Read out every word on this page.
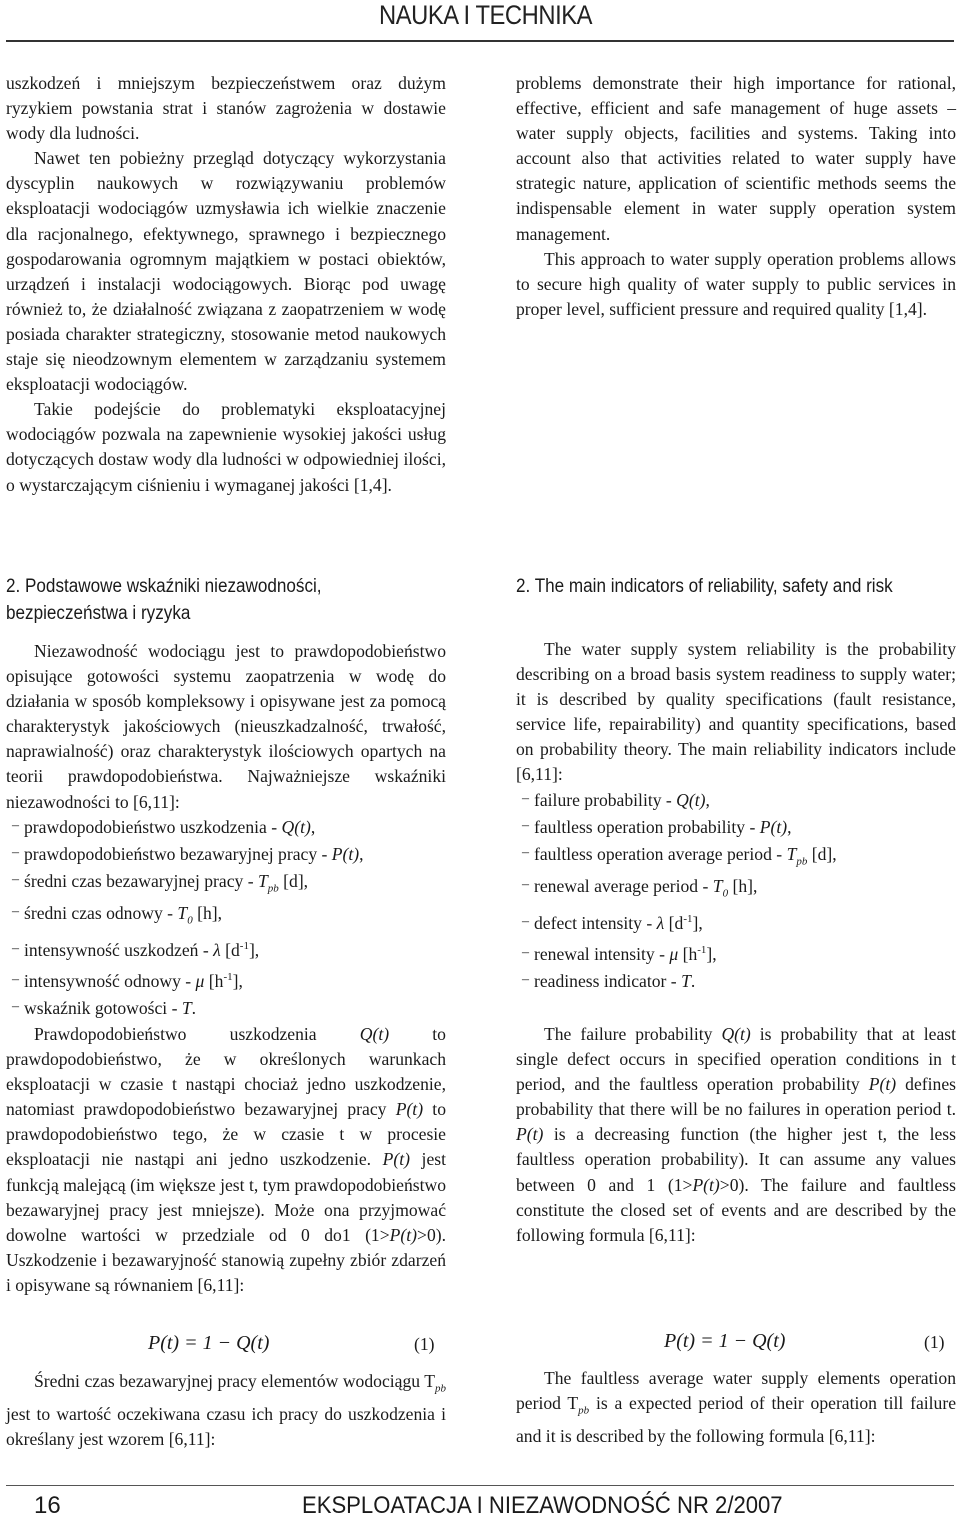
NAUKA I TECHNIKA

uszkodzeń i mniejszym bezpieczeństwem oraz dużym ryzykiem powstania strat i stanów zagrożenia w dostawie wody dla ludności.

Nawet ten pobieżny przegląd dotyczący wykorzystania dyscyplin naukowych w rozwiązywaniu problemów eksploatacji wodociągów uzmysławia ich wielkie znaczenie dla racjonalnego, efektywnego, sprawnego i bezpiecznego gospodarowania ogromnym majątkiem w postaci obiektów, urządzeń i instalacji wodociągowych. Biorąc pod uwagę również to, że działalność związana z zaopatrzeniem w wodę posiada charakter strategiczny, stosowanie metod naukowych staje się nieodzownym elementem w zarządzaniu systemem eksploatacji wodociągów.

Takie podejście do problematyki eksploatacyjnej wodociągów pozwala na zapewnienie wysokiej jakości usług dotyczących dostaw wody dla ludności w odpowiedniej ilości, o wystarczającym ciśnieniu i wymaganej jakości [1,4].

2. Podstawowe wskaźniki niezawodności, bezpieczeństwa i ryzyka

Niezawodność wodociągu jest to prawdopodobieństwo opisujące gotowości systemu zaopatrzenia w wodę do działania w sposób kompleksowy i opisywane jest za pomocą charakterystyk jakościowych (nieuszkadzalność, trwałość, naprawialność) oraz charakterystyk ilościowych opartych na teorii prawdopodobieństwa. Najważniejsze wskaźniki niezawodności to [6,11]:

– prawdopodobieństwo uszkodzenia - Q(t),
– prawdopodobieństwo bezawaryjnej pracy - P(t),
– średni czas bezawaryjnej pracy - $T_{pb}$ [d],
– średni czas odnowy - $T_0$ [h],
– intensywność uszkodzeń - λ $[d^{-1}]$,
– intensywność odnowy - μ $[h^{-1}]$,
– wskaźnik gotowości - T.

Prawdopodobieństwo uszkodzenia Q(t) to prawdopodobieństwo, że w określonych warunkach eksploatacji w czasie t nastąpi chociaż jedno uszkodzenie, natomiast prawdopodobieństwo bezawaryjnej pracy P(t) to prawdopodobieństwo tego, że w czasie t w procesie eksploatacji nie nastąpi ani jedno uszkodzenie. P(t) jest funkcją malejącą (im większe jest t, tym prawdopodobieństwo bezawaryjnej pracy jest mniejsze). Może ona przyjmować dowolne wartości w przedziale od 0 do1 (1>P(t)>0). Uszkodzenie i bezawaryjność stanowią zupełny zbiór zdarzeń i opisywane są równaniem [6,11]:

P(t) = 1 − Q(t)	(1)

Średni czas bezawaryjnej pracy elementów wodociągu $T_{pb}$ jest to wartość oczekiwana czasu ich pracy do uszkodzenia i określany jest wzorem [6,11]:

problems demonstrate their high importance for rational, effective, efficient and safe management of huge assets – water supply objects, facilities and systems. Taking into account also that activities related to water supply have strategic nature, application of scientific methods seems the indispensable element in water supply operation system management.

This approach to water supply operation problems allows to secure high quality of water supply to public services in proper level, sufficient pressure and required quality [1,4].

2. The main indicators of reliability, safety and risk

The water supply system reliability is the probability describing on a broad basis system readiness to supply water; it is described by quality specifications (fault resistance, service life, repairability) and quantity specifications, based on probability theory. The main reliability indicators include [6,11]:

– failure probability - Q(t),
– faultless operation probability - P(t),
– faultless operation average period - $T_{pb}$ [d],
– renewal average period - $T_0$ [h],
– defect intensity - λ $[d^{-1}]$,
– renewal intensity - μ $[h^{-1}]$,
– readiness indicator - T.

The failure probability Q(t) is probability that at least single defect occurs in specified operation conditions in t period, and the faultless operation probability P(t) defines probability that there will be no failures in operation period t. P(t) is a decreasing function (the higher jest t, the less faultless operation probability). It can assume any values between 0 and 1 (1>P(t)>0). The failure and faultless constitute the closed set of events and are described by the following formula [6,11]:

P(t) = 1 − Q(t)	(1)

The faultless average water supply elements operation period $T_{pb}$ is a expected period of their operation till failure and it is described by the following formula [6,11]:

16	EKSPLOATACJA I NIEZAWODNOŚĆ NR 2/2007
